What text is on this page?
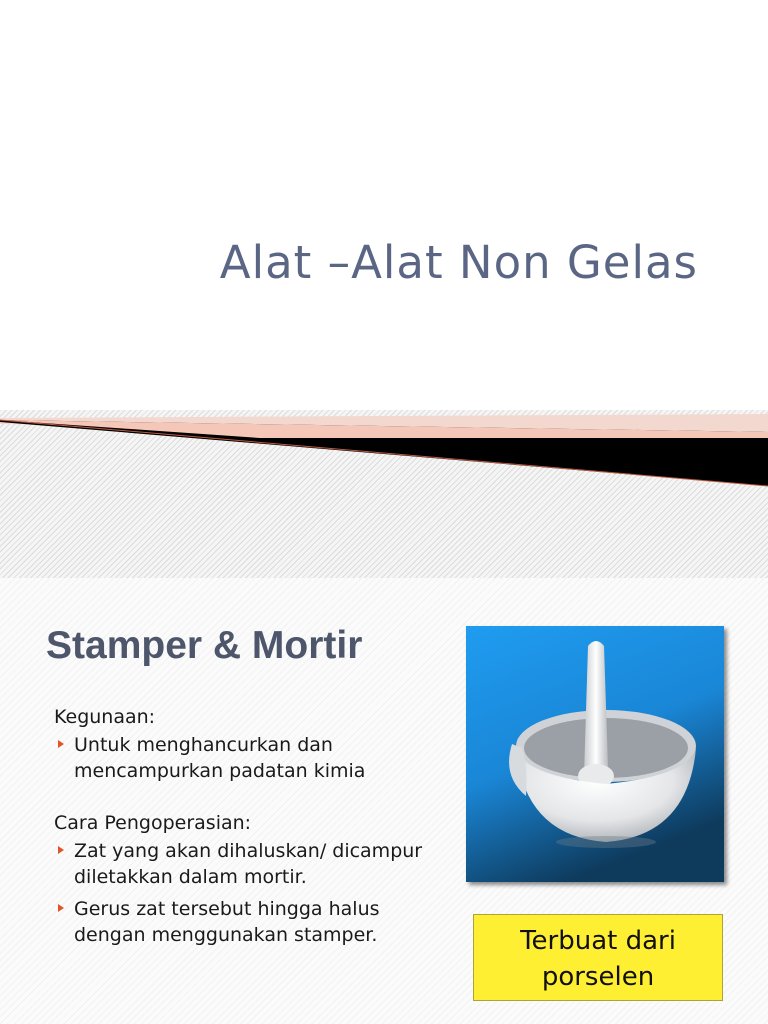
Alat –Alat Non Gelas
Stamper & Mortir

Kegunaan:

Untuk menghancurkan dan mencampurkan padatan kimia

Cara Pengoperasian:

Zat yang akan dihaluskan/ dicampur diletakkan dalam mortir.
Gerus zat tersebut hingga halus dengan menggunakan stamper.	Terbuat dari porselen
